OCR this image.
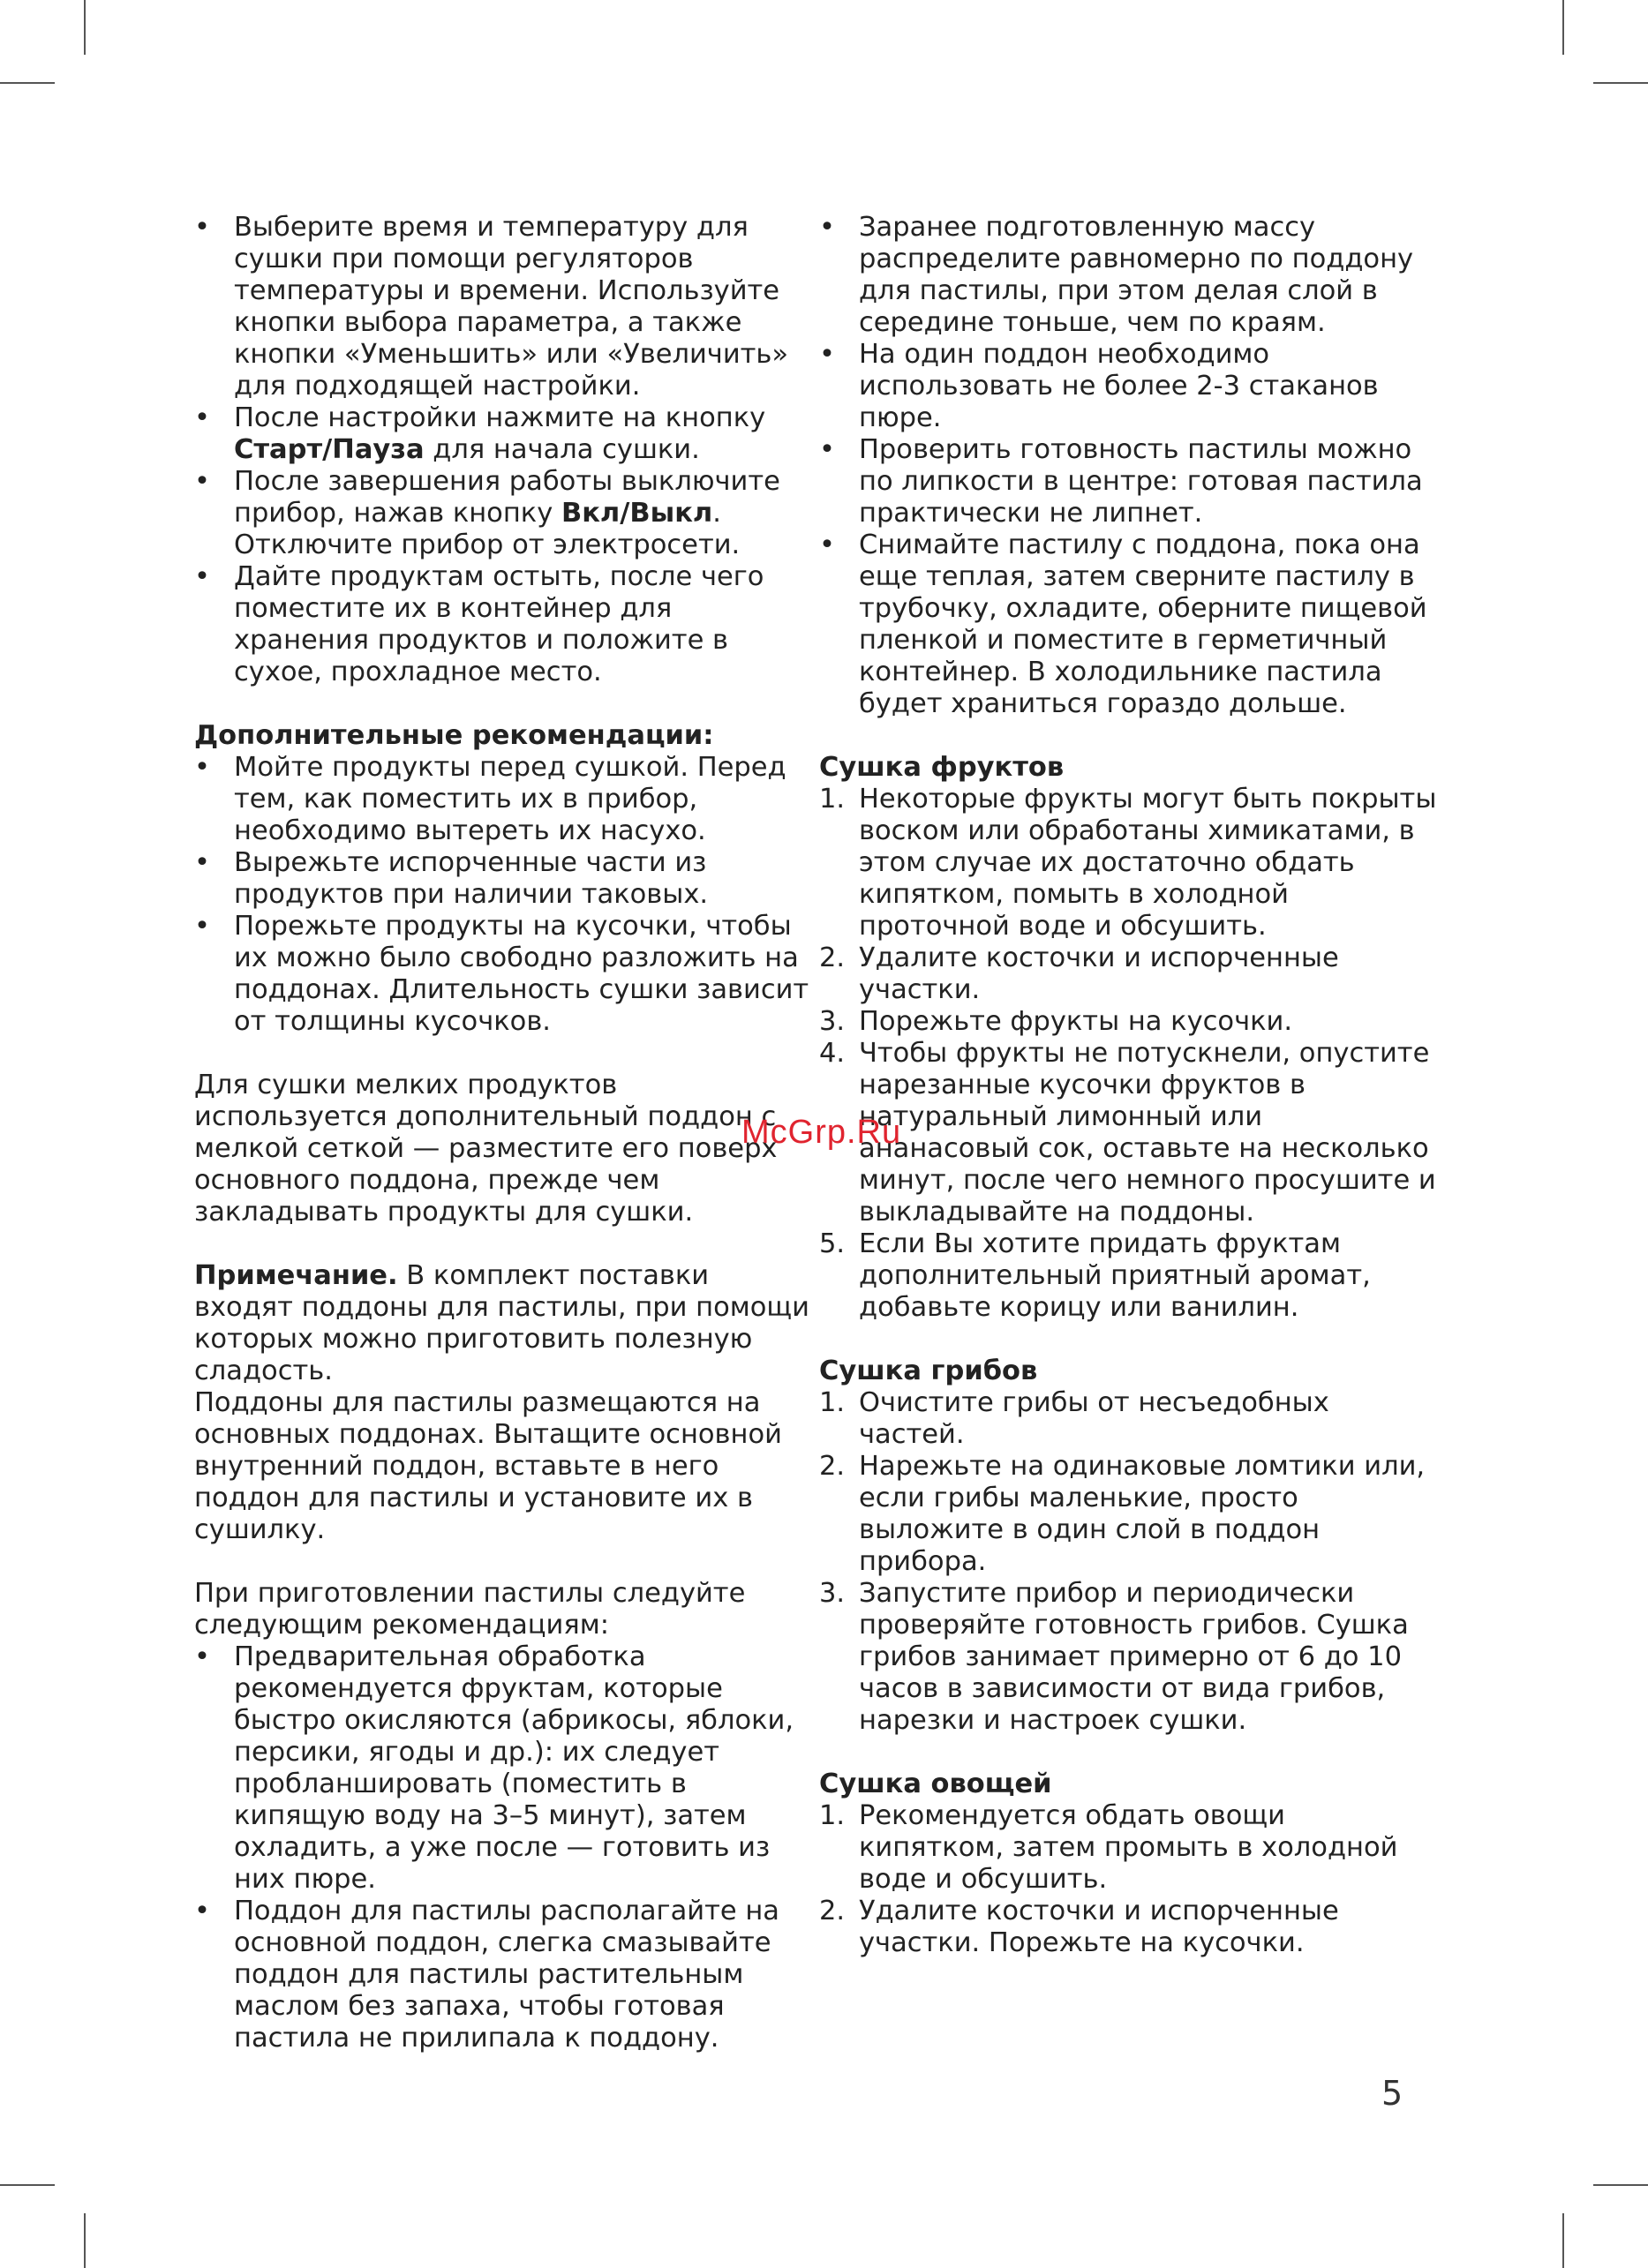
• Выберите время и температуру для сушки при помощи регуляторов температуры и времени. Используйте кнопки выбора параметра, а также кнопки «Уменьшить» или «Увеличить» для подходящей настройки.
• После настройки нажмите на кнопку Старт/Пауза для начала сушки.
• После завершения работы выключите прибор, нажав кнопку Вкл/Выкл. Отключите прибор от электросети.
• Дайте продуктам остыть, после чего поместите их в контейнер для хранения продуктов и положите в сухое, прохладное место.

Дополнительные рекомендации:

• Мойте продукты перед сушкой. Перед тем, как поместить их в прибор, необходимо вытереть их насухо.
• Вырежьте испорченные части из продуктов при наличии таковых.
• Порежьте продукты на кусочки, чтобы их можно было свободно разложить на поддонах. Длительность сушки зависит от толщины кусочков.

Для сушки мелких продуктов используется дополнительный поддон с мелкой сеткой — разместите его поверх основного поддона, прежде чем закладывать продукты для сушки.

Примечание. В комплект поставки входят поддоны для пастилы, при помощи которых можно приготовить полезную сладость.

Поддоны для пастилы размещаются на основных поддонах. Вытащите основной внутренний поддон, вставьте в него поддон для пастилы и установите их в сушилку.

При приготовлении пастилы следуйте следующим рекомендациям:

• Предварительная обработка рекомендуется фруктам, которые быстро окисляются (абрикосы, яблоки, персики, ягоды и др.): их следует пробланшировать (поместить в кипящую воду на 3–5 минут), затем охладить, а уже после — готовить из них пюре.
• Поддон для пастилы располагайте на основной поддон, слегка смазывайте поддон для пастилы растительным маслом без запаха, чтобы готовая пастила не прилипала к поддону.
• Заранее подготовленную массу распределите равномерно по поддону для пастилы, при этом делая слой в середине тоньше, чем по краям.
• На один поддон необходимо использовать не более 2-3 стаканов пюре.
• Проверить готовность пастилы можно по липкости в центре: готовая пастила практически не липнет.
• Снимайте пастилу с поддона, пока она еще теплая, затем сверните пастилу в трубочку, охладите, оберните пищевой пленкой и поместите в герметичный контейнер. В холодильнике пастила будет храниться гораздо дольше.

Сушка фруктов

1. Некоторые фрукты могут быть покрыты воском или обработаны химикатами, в этом случае их достаточно обдать кипятком, помыть в холодной проточной воде и обсушить.
2. Удалите косточки и испорченные участки.
3. Порежьте фрукты на кусочки.
4. Чтобы фрукты не потускнели, опустите нарезанные кусочки фруктов в натуральный лимонный или ананасовый сок, оставьте на несколько минут, после чего немного просушите и выкладывайте на поддоны.
5. Если Вы хотите придать фруктам дополнительный приятный аромат, добавьте корицу или ванилин.

Сушка грибов

1. Очистите грибы от несъедобных частей.
2. Нарежьте на одинаковые ломтики или, если грибы маленькие, просто выложите в один слой в поддон прибора.
3. Запустите прибор и периодически проверяйте готовность грибов. Сушка грибов занимает примерно от 6 до 10 часов в зависимости от вида грибов, нарезки и настроек сушки.

Сушка овощей

1. Рекомендуется обдать овощи кипятком, затем промыть в холодной воде и обсушить.
2. Удалите косточки и испорченные участки. Порежьте на кусочки.
McGrp.Ru
5
